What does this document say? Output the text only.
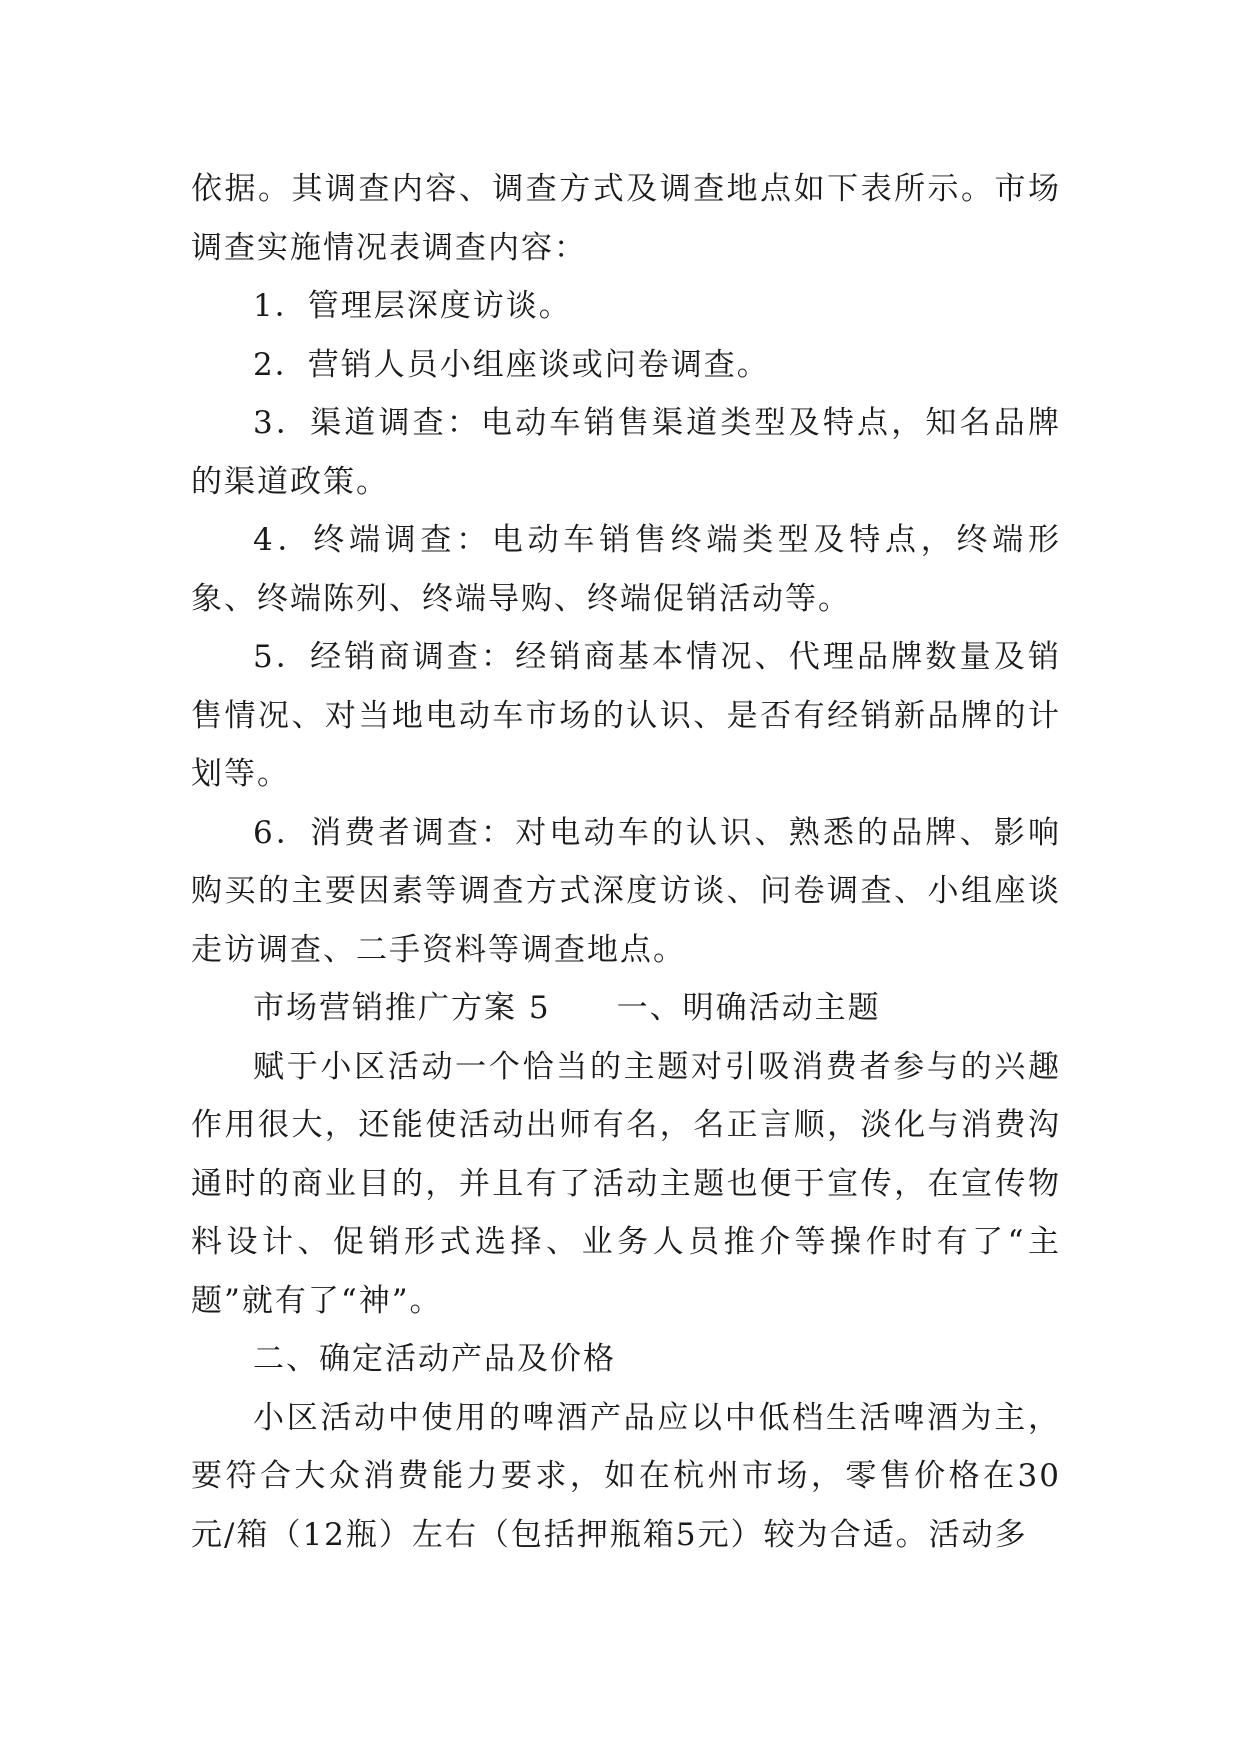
依据。其调查内容、调查方式及调查地点如下表所示。市场调查实施情况表调查内容：

1．管理层深度访谈。

2．营销人员小组座谈或问卷调查。

3．渠道调查：电动车销售渠道类型及特点，知名品牌的渠道政策。

4．终端调查：电动车销售终端类型及特点，终端形象、终端陈列、终端导购、终端促销活动等。

5．经销商调查：经销商基本情况、代理品牌数量及销售情况、对当地电动车市场的认识、是否有经销新品牌的计划等。

6．消费者调查：对电动车的认识、熟悉的品牌、影响购买的主要因素等调查方式深度访谈、问卷调查、小组座谈走访调查、二手资料等调查地点。

市场营销推广方案 5　　一、明确活动主题

赋于小区活动一个恰当的主题对引吸消费者参与的兴趣作用很大，还能使活动出师有名，名正言顺，淡化与消费沟通时的商业目的，并且有了活动主题也便于宣传，在宣传物料设计、促销形式选择、业务人员推介等操作时有了“主题”就有了“神”。

二、确定活动产品及价格

小区活动中使用的啤酒产品应以中低档生活啤酒为主，要符合大众消费能力要求，如在杭州市场，零售价格在30元/箱（12瓶）左右（包括押瓶箱5元）较为合适。活动多
